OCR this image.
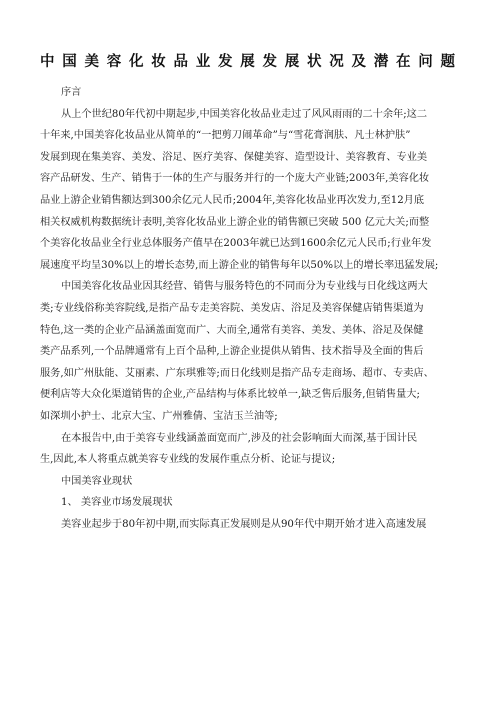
中国美容化妆品业发展发展状况及潜在问题
序言
从上个世纪80年代初中期起步,中国美容化妆品业走过了风风雨雨的二十余年;这二
十年来,中国美容化妆品业从简单的“一把剪刀闹革命”与“雪花膏润肤、凡士林护肤”
发展到现在集美容、美发、浴足、医疗美容、保健美容、造型设计、美容教育、专业美
容产品研发、生产、销售于一体的生产与服务并行的一个庞大产业链;2003年,美容化妆
品业上游企业销售额达到300余亿元人民币;2004年,美容化妆品业再次发力,至12月底
相关权威机构数据统计表明,美容化妆品业上游企业的销售额已突破 500 亿元大关;而整
个美容化妆品业全行业总体服务产值早在2003年就已达到1600余亿元人民币;行业年发
展速度平均呈30%以上的增长态势,而上游企业的销售每年以50%以上的增长率迅猛发展;
中国美容化妆品业因其经营、销售与服务特色的不同而分为专业线与日化线这两大
类;专业线俗称美容院线,是指产品专走美容院、美发店、浴足及美容保健店销售渠道为
特色,这一类的企业产品涵盖面宽而广、大而全,通常有美容、美发、美体、浴足及保健
类产品系列,一个品牌通常有上百个品种,上游企业提供从销售、技术指导及全面的售后
服务,如广州肽能、艾丽素、广东琪雅等;而日化线则是指产品专走商场、超市、专卖店、
便利店等大众化渠道销售的企业,产品结构与体系比较单一,缺乏售后服务,但销售量大;
如深圳小护士、北京大宝、广州雅倩、宝洁玉兰油等;
在本报告中,由于美容专业线涵盖面宽而广,涉及的社会影响面大而深,基于国计民
生,因此,本人将重点就美容专业线的发展作重点分析、论证与提议;
中国美容业现状
1、 美容业市场发展现状
美容业起步于80年初中期,而实际真正发展则是从90年代中期开始才进入高速发展
